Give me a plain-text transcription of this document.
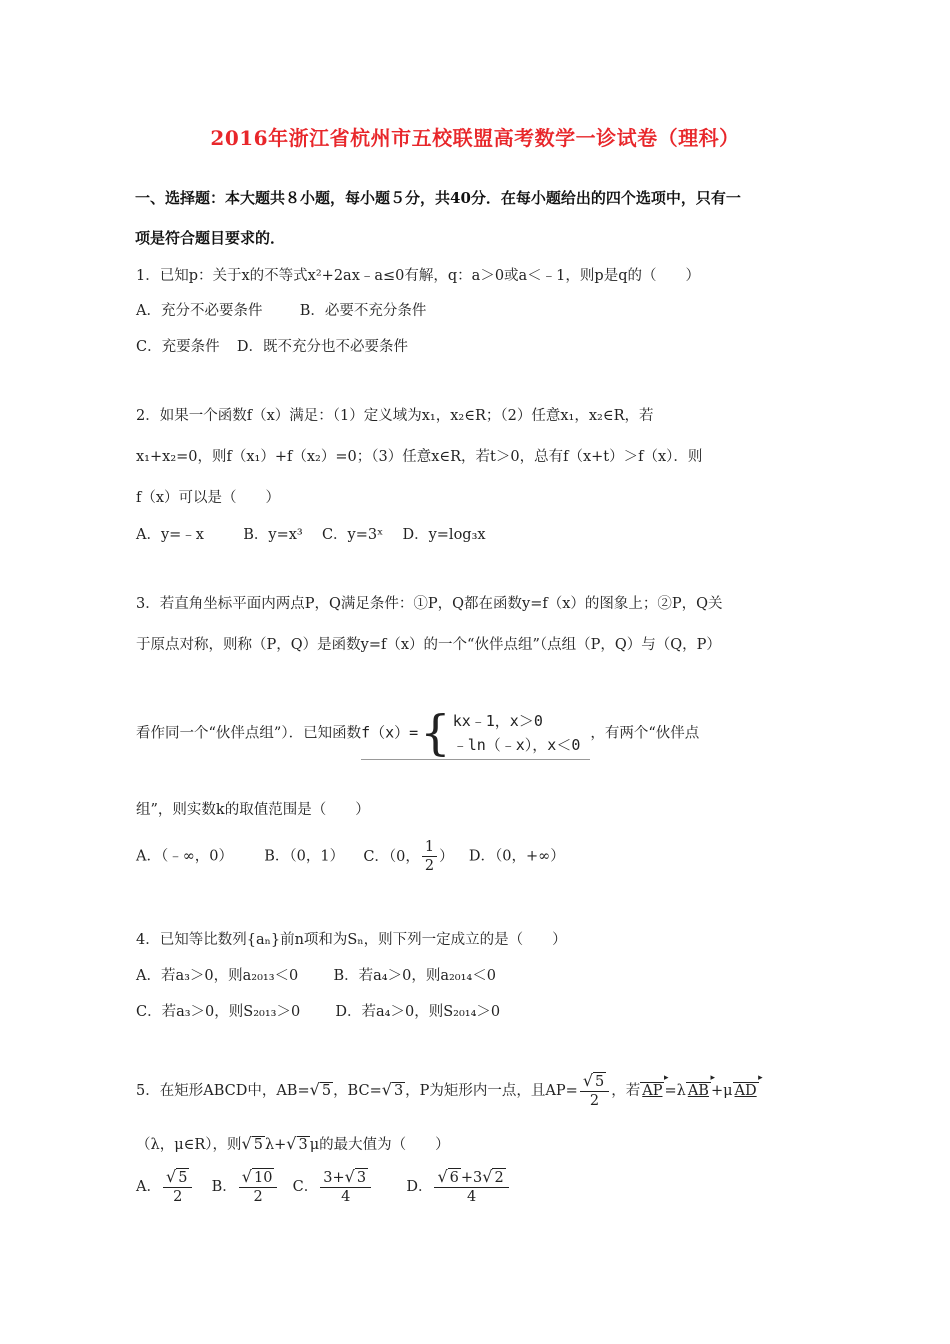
2016年浙江省杭州市五校联盟高考数学一诊试卷（理科）
一、选择题：本大题共８小题，每小题５分，共40分．在每小题给出的四个选项中，只有一
项是符合题目要求的．
1．已知p：关于x的不等式x²+2ax﹣a≤0有解，q：a＞0或a＜﹣1，则p是q的（　　）
A．充分不必要条件	B．必要不充分条件
C．充要条件 D．既不充分也不必要条件
2．如果一个函数f（x）满足：（1）定义域为x₁，x₂∈R；（2）任意x₁，x₂∈R，若
x₁+x₂=0，则f（x₁）+f（x₂）=0；（3）任意x∈R，若t＞0，总有f（x+t）＞f（x）．则
f（x）可以是（　　）
A．y=﹣x	B．y=x³ C．y=3ˣ D．y=log₃x
3．若直角坐标平面内两点P，Q满足条件：①P，Q都在函数y=f（x）的图象上；②P，Q关
于原点对称，则称（P，Q）是函数y=f（x）的一个“伙伴点组”（点组（P，Q）与（Q，P）
看作同一个“伙伴点组”）．已知函数f（x）={ kx﹣1，x＞0
﹣ln（﹣x），x＜0
，有两个“伙伴点
组”，则实数k的取值范围是（　　）
A．（﹣∞，0） B．（0，1） C．（0， $\frac{1}{2}$ ） D．（0，+∞）
4．已知等比数列{aₙ}前n项和为Sₙ，则下列一定成立的是（　　）
A．若a₃＞0，则a₂₀₁₃＜0 B．若a₄＞0，则a₂₀₁₄＜0
C．若a₃＞0，则S₂₀₁₃＞0 D．若a₄＞0，则S₂₀₁₄＞0
5．在矩形ABCD中，AB=√ 5 ，BC=√ 3 ，P为矩形内一点，且$AP= \frac{√ 5}{2}$ ，若 AP ▸ =λ AB ▸ +μ AD ▸
（λ，μ∈R），则√ 5 λ+√ 3 μ的最大值为（　　）
A． $\frac{√ 5}{2}$ B． $\frac{√ 10}{2}$ C． $\frac{3+√ 3}{4}$ D． $\frac{√ 6 +3√ 2}{4}$
